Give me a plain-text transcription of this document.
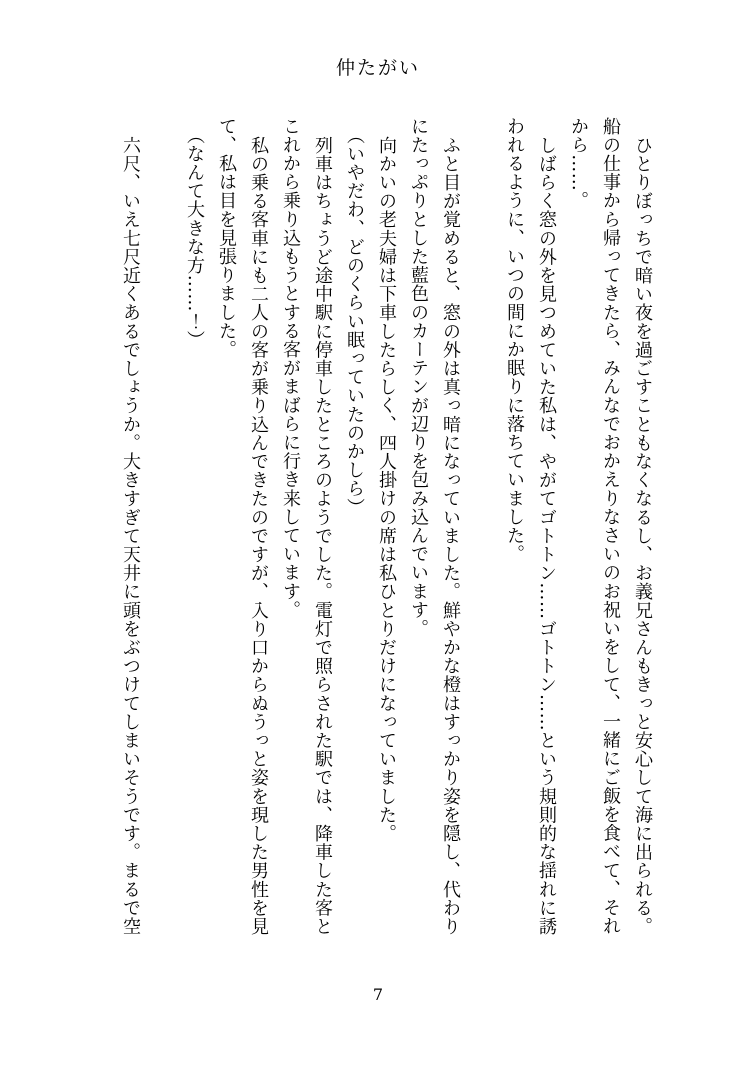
仲たがい

ひとりぼっちで暗い夜を過ごすこともなくなるし、お義兄さんもきっと安心して海に出られる。

船の仕事から帰ってきたら、みんなでおかえりなさいのお祝いをして、一緒にご飯を食べて、それ

から……。

しばらく窓の外を見つめていた私は、やがてゴトトン……ゴトトン……という規則的な揺れに誘

われるように、いつの間にか眠りに落ちていました。

ふと目が覚めると、窓の外は真っ暗になっていました。鮮やかな橙はすっかり姿を隠し、代わり

にたっぷりとした藍色のカーテンが辺りを包み込んでいます。

向かいの老夫婦は下車したらしく、四人掛けの席は私ひとりだけになっていました。

（いやだわ、どのくらい眠っていたのかしら）

列車はちょうど途中駅に停車したところのようでした。電灯で照らされた駅では、降車した客と

これから乗り込もうとする客がまばらに行き来しています。

私の乗る客車にも二人の客が乗り込んできたのですが、入り口からぬうっと姿を現した男性を見

て、私は目を見張りました。

（なんて大きな方……！）

六尺、いえ七尺近くあるでしょうか。大きすぎて天井に頭をぶつけてしまいそうです。まるで空

7
